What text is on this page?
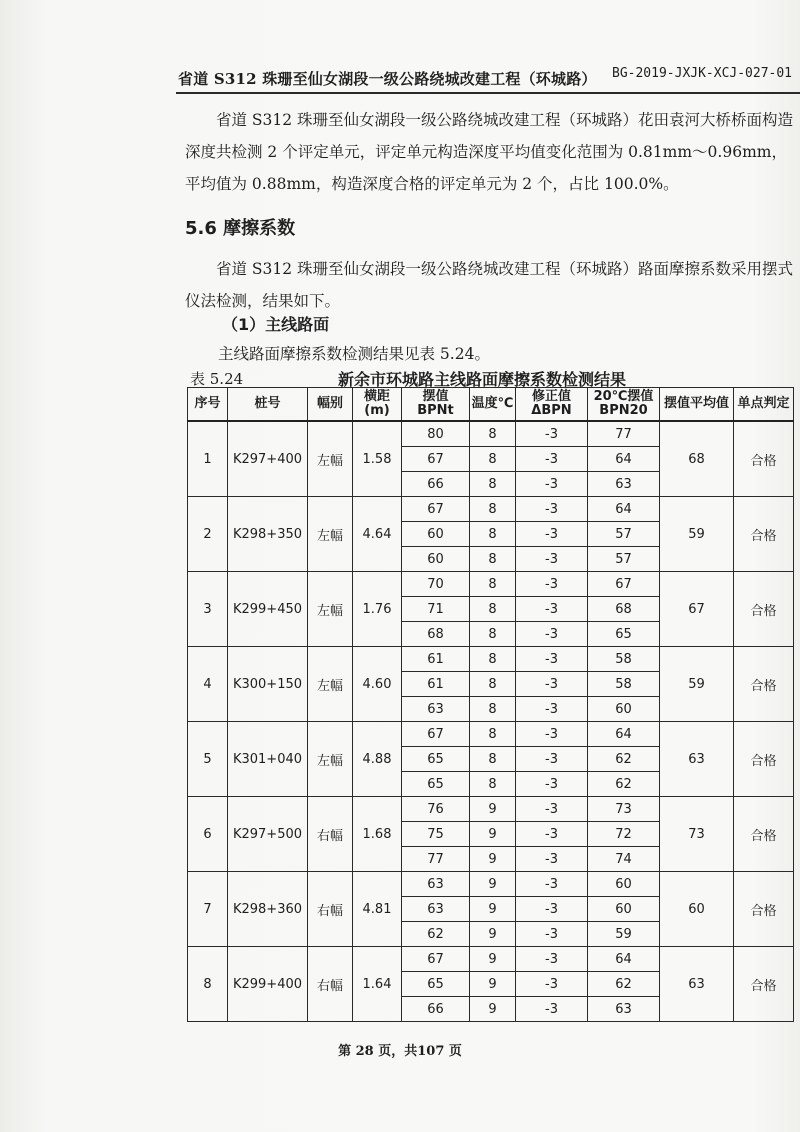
省道 S312 珠珊至仙女湖段一级公路绕城改建工程（环城路） BG-2019-JXJK-XCJ-027-01
　　省道 S312 珠珊至仙女湖段一级公路绕城改建工程（环城路）花田袁河大桥桥面构造深度共检测 2 个评定单元，评定单元构造深度平均值变化范围为 0.81mm～0.96mm，平均值为 0.88mm，构造深度合格的评定单元为 2 个，占比 100.0%。
5.6 摩擦系数
　　省道 S312 珠珊至仙女湖段一级公路绕城改建工程（环城路）路面摩擦系数采用摆式仪法检测，结果如下。
（1）主线路面
主线路面摩擦系数检测结果见表 5.24。
表 5.24	新余市环城路主线路面摩擦系数检测结果
序号	桩号	幅别	横距(m)	摆值 BPNt	温度℃	修正值 ΔBPN	20℃摆值 BPN20	摆值平均值	单点判定
1	K297+400	左幅	1.58	80	8	-3	77	68	合格
				67	8	-3	64		
				66	8	-3	63		
2	K298+350	左幅	4.64	67	8	-3	64	59	合格
				60	8	-3	57		
				60	8	-3	57		
3	K299+450	左幅	1.76	70	8	-3	67	67	合格
				71	8	-3	68		
				68	8	-3	65		
4	K300+150	左幅	4.60	61	8	-3	58	59	合格
				61	8	-3	58		
				63	8	-3	60		
5	K301+040	左幅	4.88	67	8	-3	64	63	合格
				65	8	-3	62		
				65	8	-3	62		
6	K297+500	右幅	1.68	76	9	-3	73	73	合格
				75	9	-3	72		
				77	9	-3	74		
7	K298+360	右幅	4.81	63	9	-3	60	60	合格
				63	9	-3	60		
				62	9	-3	59		
8	K299+400	右幅	1.64	67	9	-3	64	63	合格
				65	9	-3	62		
				66	9	-3	63		
第 28 页，共107 页
